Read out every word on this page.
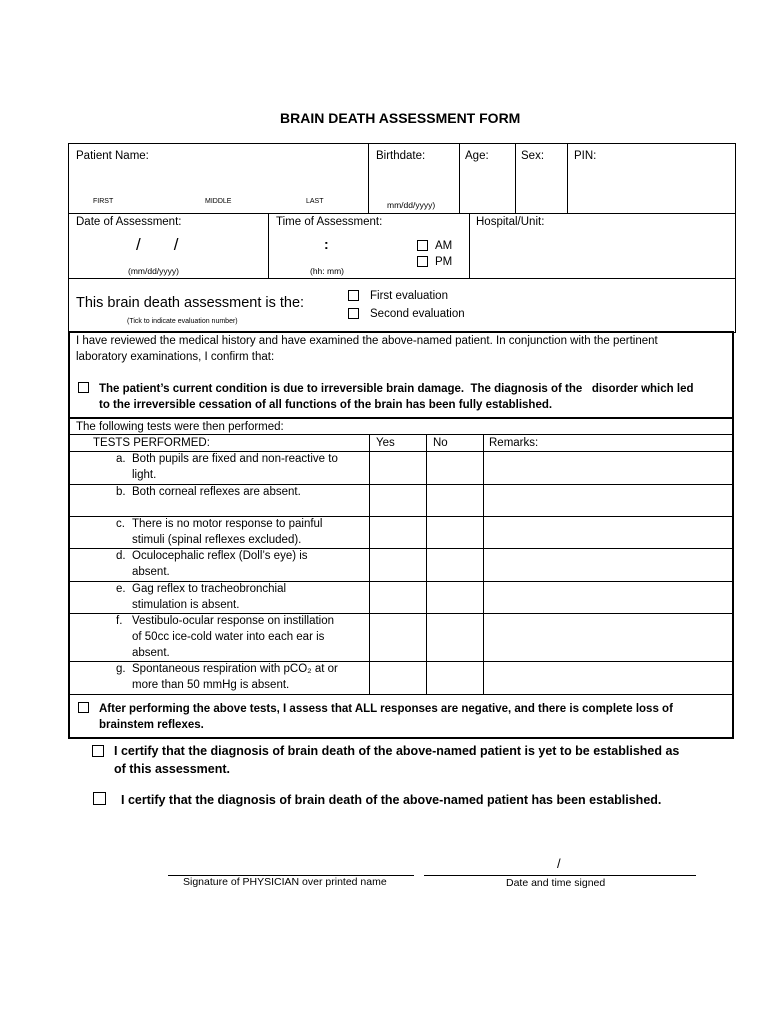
BRAIN DEATH ASSESSMENT FORM
Patient Name:
FIRST	MIDDLE	LAST
Birthdate:
mm/dd/yyyy)
Age:	Sex:	PIN:
Date of Assessment:
/       /
(mm/dd/yyyy)
Time of Assessment:
:
(hh: mm)
AM
PM
Hospital/Unit:
This brain death assessment is the:
(Tick to indicate evaluation number)
First evaluation
Second evaluation
I have reviewed the medical history and have examined the above-named patient. In conjunction with the pertinent
laboratory examinations, I confirm that:
The patient’s current condition is due to irreversible brain damage.  The diagnosis of the   disorder which led
to the irreversible cessation of all functions of the brain has been fully established.
The following tests were then performed:
TESTS PERFORMED:	Yes	No	Remarks:
a. Both pupils are fixed and non-reactive to
light.
b. Both corneal reflexes are absent.
c. There is no motor response to painful
stimuli (spinal reflexes excluded).
d. Oculocephalic reflex (Doll’s eye) is
absent.
e. Gag reflex to tracheobronchial
stimulation is absent.
f. Vestibulo-ocular response on instillation
of 50cc ice-cold water into each ear is
absent.
g. Spontaneous respiration with pCO₂ at or
more than 50 mmHg is absent.
After performing the above tests, I assess that ALL responses are negative, and there is complete loss of
brainstem reflexes.
I certify that the diagnosis of brain death of the above-named patient is yet to be established as
of this assessment.
I certify that the diagnosis of brain death of the above-named patient has been established.
Signature of PHYSICIAN over printed name
/
Date and time signed
